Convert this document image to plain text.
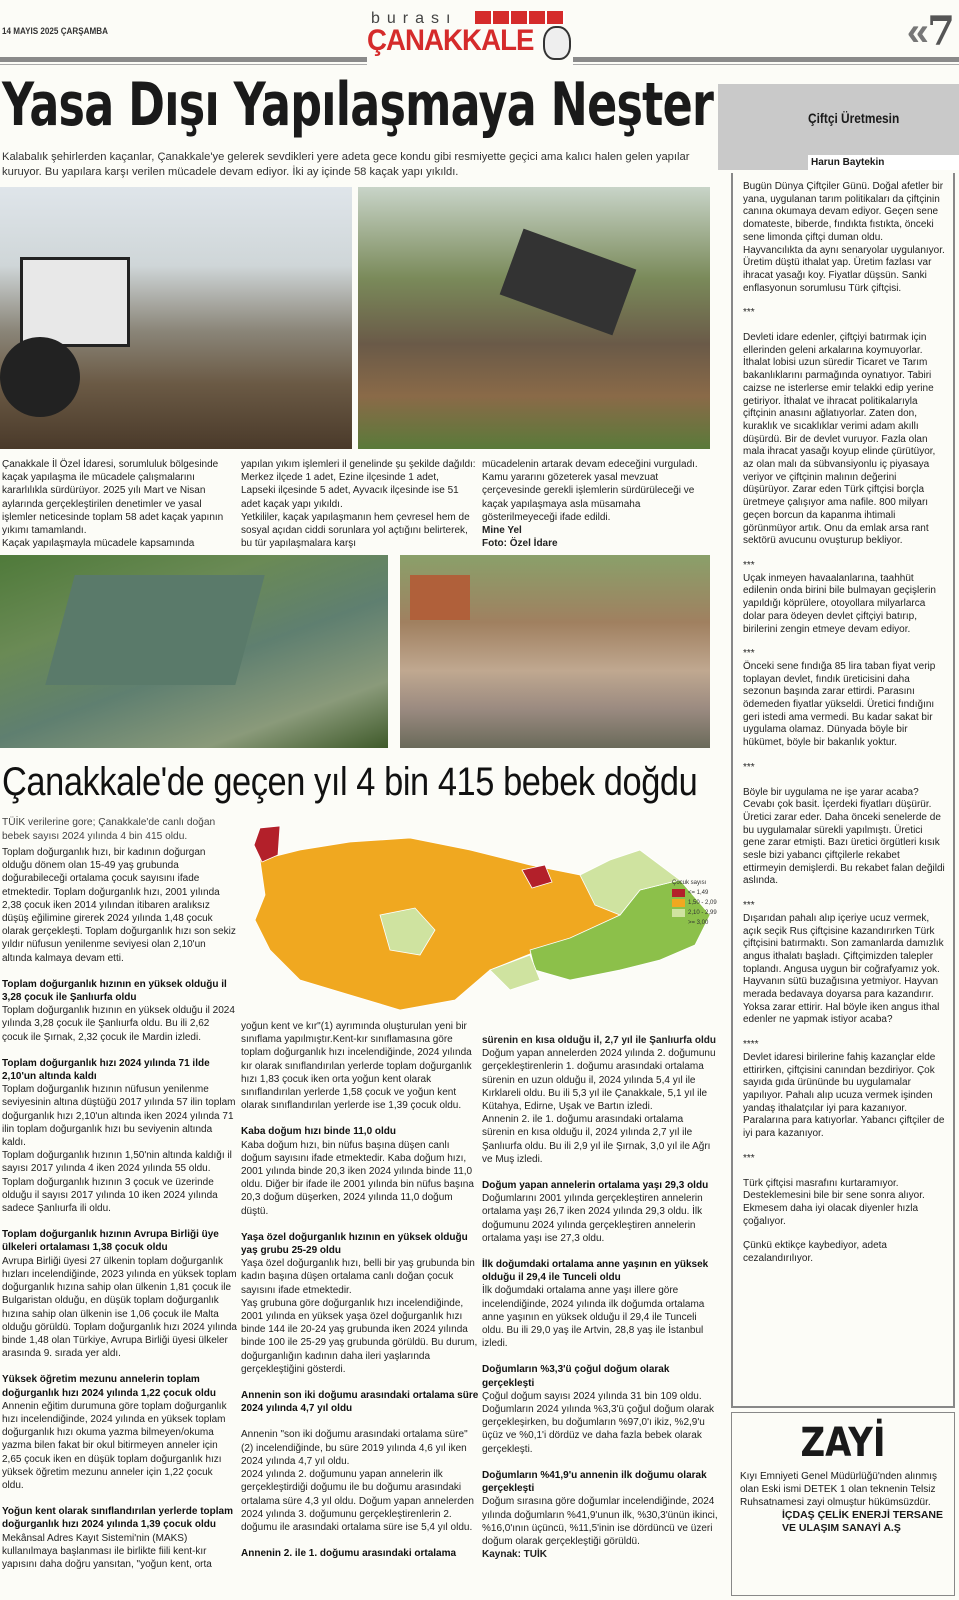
14 MAYIS 2025 ÇARŞAMBA
burası
ÇANAKKALE	«
7
Yasa Dışı Yapılaşmaya Neşter
Kalabalık şehirlerden kaçanlar, Çanakkale'ye gelerek sevdikleri yere adeta gece kondu gibi resmiyette geçici ama kalıcı halen gelen yapılar kuruyor. Bu yapılara karşı verilen mücadele devam ediyor. İki ay içinde 58 kaçak yapı yıkıldı.
Çanakkale İl Özel İdaresi, sorumluluk bölgesinde kaçak yapılaşma ile mücadele çalışmalarını kararlılıkla sürdürüyor. 2025 yılı Mart ve Nisan aylarında gerçekleştirilen denetimler ve yasal işlemler neticesinde toplam 58 adet kaçak yapının yıkımı tamamlandı.
Kaçak yapılaşmayla mücadele kapsamında
yapılan yıkım işlemleri il genelinde şu şekilde dağıldı: Merkez ilçede 1 adet, Ezine ilçesinde 1 adet, Lapseki ilçesinde 5 adet, Ayvacık ilçesinde ise 51 adet kaçak yapı yıkıldı.
Yetkililer, kaçak yapılaşmanın hem çevresel hem de sosyal açıdan ciddi sorunlara yol açtığını belirterek, bu tür yapılaşmalara karşı
mücadelenin artarak devam edeceğini vurguladı. Kamu yararını gözeterek yasal mevzuat çerçevesinde gerekli işlemlerin sürdürüleceği ve kaçak yapılaşmaya asla müsamaha gösterilmeyeceği ifade edildi.
Mine Yel
Foto: Özel İdare
Çanakkale'de geçen yıl 4 bin 415 bebek doğdu
TÜİK verilerine gore; Çanakkale'de canlı doğan bebek sayısı 2024 yılında 4 bin 415 oldu.
Çocuk sayısı
<= 1,49
1,50 - 2,09
2,10 - 2,99
>= 3,00
Toplam doğurganlık hızı, bir kadının doğurgan olduğu dönem olan 15-49 yaş grubunda doğurabileceği ortalama çocuk sayısını ifade etmektedir. Toplam doğurganlık hızı, 2001 yılında 2,38 çocuk iken 2014 yılından itibaren aralıksız düşüş eğilimine girerek 2024 yılında 1,48 çocuk olarak gerçekleşti. Toplam doğurganlık hızı son sekiz yıldır nüfusun yenilenme seviyesi olan 2,10'un altında kalmaya devam etti.
Toplam doğurganlık hızının en yüksek olduğu il 3,28 çocuk ile Şanlıurfa oldu
Toplam doğurganlık hızının en yüksek olduğu il 2024 yılında 3,28 çocuk ile Şanlıurfa oldu. Bu ili 2,62 çocuk ile Şırnak, 2,32 çocuk ile Mardin izledi.
Toplam doğurganlık hızı 2024 yılında 71 ilde 2,10'un altında kaldı
Toplam doğurganlık hızının nüfusun yenilenme seviyesinin altına düştüğü 2017 yılında 57 ilin toplam doğurganlık hızı 2,10'un altında iken 2024 yılında 71 ilin toplam doğurganlık hızı bu seviyenin altında kaldı.
Toplam doğurganlık hızının 1,50'nin altında kaldığı il sayısı 2017 yılında 4 iken 2024 yılında 55 oldu.
Toplam doğurganlık hızının 3 çocuk ve üzerinde olduğu il sayısı 2017 yılında 10 iken 2024 yılında sadece Şanlıurfa ili oldu.
Toplam doğurganlık hızının Avrupa Birliği üye ülkeleri ortalaması 1,38 çocuk oldu
Avrupa Birliği üyesi 27 ülkenin toplam doğurganlık hızları incelendiğinde, 2023 yılında en yüksek toplam doğurganlık hızına sahip olan ülkenin 1,81 çocuk ile Bulgaristan olduğu, en düşük toplam doğurganlık hızına sahip olan ülkenin ise 1,06 çocuk ile Malta olduğu görüldü. Toplam doğurganlık hızı 2024 yılında binde 1,48 olan Türkiye, Avrupa Birliği üyesi ülkeler arasında 9. sırada yer aldı.
Yüksek öğretim mezunu annelerin toplam doğurganlık hızı 2024 yılında 1,22 çocuk oldu
Annenin eğitim durumuna göre toplam doğurganlık hızı incelendiğinde, 2024 yılında en yüksek toplam doğurganlık hızı okuma yazma bilmeyen/okuma yazma bilen fakat bir okul bitirmeyen anneler için 2,65 çocuk iken en düşük toplam doğurganlık hızı yüksek öğretim mezunu anneler için 1,22 çocuk oldu.
Yoğun kent olarak sınıflandırılan yerlerde toplam doğurganlık hızı 2024 yılında 1,39 çocuk oldu
Mekânsal Adres Kayıt Sistemi'nin (MAKS) kullanılmaya başlanması ile birlikte fiili kent-kır yapısını daha doğru yansıtan, "yoğun kent, orta
yoğun kent ve kır"(1) ayrımında oluşturulan yeni bir sınıflama yapılmıştır.Kent-kır sınıflamasına göre toplam doğurganlık hızı incelendiğinde, 2024 yılında kır olarak sınıflandırılan yerlerde toplam doğurganlık hızı 1,83 çocuk iken orta yoğun kent olarak sınıflandırılan yerlerde 1,58 çocuk ve yoğun kent olarak sınıflandırılan yerlerde ise 1,39 çocuk oldu.
Kaba doğum hızı binde 11,0 oldu
Kaba doğum hızı, bin nüfus başına düşen canlı doğum sayısını ifade etmektedir. Kaba doğum hızı, 2001 yılında binde 20,3 iken 2024 yılında binde 11,0 oldu. Diğer bir ifade ile 2001 yılında bin nüfus başına 20,3 doğum düşerken, 2024 yılında 11,0 doğum düştü.
Yaşa özel doğurganlık hızının en yüksek olduğu yaş grubu 25-29 oldu
Yaşa özel doğurganlık hızı, belli bir yaş grubunda bin kadın başına düşen ortalama canlı doğan çocuk sayısını ifade etmektedir.
Yaş grubuna göre doğurganlık hızı incelendiğinde, 2001 yılında en yüksek yaşa özel doğurganlık hızı binde 144 ile 20-24 yaş grubunda iken 2024 yılında binde 100 ile 25-29 yaş grubunda görüldü. Bu durum, doğurganlığın kadının daha ileri yaşlarında gerçekleştiğini gösterdi.
Annenin son iki doğumu arasındaki ortalama süre 2024 yılında 4,7 yıl oldu
Annenin "son iki doğumu arasındaki ortalama süre"(2) incelendiğinde, bu süre 2019 yılında 4,6 yıl iken 2024 yılında 4,7 yıl oldu.
2024 yılında 2. doğumunu yapan annelerin ilk gerçekleştirdiği doğumu ile bu doğumu arasındaki ortalama süre 4,3 yıl oldu. Doğum yapan annelerden 2024 yılında 3. doğumunu gerçekleştirenlerin 2. doğumu ile arasındaki ortalama süre ise 5,4 yıl oldu.
Annenin 2. ile 1. doğumu arasındaki ortalama
sürenin en kısa olduğu il, 2,7 yıl ile Şanlıurfa oldu
Doğum yapan annelerden 2024 yılında 2. doğumunu gerçekleştirenlerin 1. doğumu arasındaki ortalama sürenin en uzun olduğu il, 2024 yılında 5,4 yıl ile Kırklareli oldu. Bu ili 5,3 yıl ile Çanakkale, 5,1 yıl ile Kütahya, Edirne, Uşak ve Bartın izledi.
Annenin 2. ile 1. doğumu arasındaki ortalama sürenin en kısa olduğu il, 2024 yılında 2,7 yıl ile Şanlıurfa oldu. Bu ili 2,9 yıl ile Şırnak, 3,0 yıl ile Ağrı ve Muş izledi.
Doğum yapan annelerin ortalama yaşı 29,3 oldu
Doğumlarını 2001 yılında gerçekleştiren annelerin ortalama yaşı 26,7 iken 2024 yılında 29,3 oldu. İlk doğumunu 2024 yılında gerçekleştiren annelerin ortalama yaşı ise 27,3 oldu.
İlk doğumdaki ortalama anne yaşının en yüksek olduğu il 29,4 ile Tunceli oldu
İlk doğumdaki ortalama anne yaşı illere göre incelendiğinde, 2024 yılında ilk doğumda ortalama anne yaşının en yüksek olduğu il 29,4 ile Tunceli oldu. Bu ili 29,0 yaş ile Artvin, 28,8 yaş ile İstanbul izledi.
Doğumların %3,3'ü çoğul doğum olarak gerçekleşti
Çoğul doğum sayısı 2024 yılında 31 bin 109 oldu. Doğumların 2024 yılında %3,3'ü çoğul doğum olarak gerçekleşirken, bu doğumların %97,0'ı ikiz, %2,9'u üçüz ve %0,1'i dördüz ve daha fazla bebek olarak gerçekleşti.
Doğumların %41,9'u annenin ilk doğumu olarak gerçekleşti
Doğum sırasına göre doğumlar incelendiğinde, 2024 yılında doğumların %41,9'unun ilk, %30,3'ünün ikinci, %16,0'ının üçüncü, %11,5'inin ise dördüncü ve üzeri doğum olarak gerçekleştiği görüldü.
Kaynak: TUİK
Çiftçi Üretmesin
Harun Baytekin
Bugün Dünya Çiftçiler Günü. Doğal afetler bir yana, uygulanan tarım politikaları da çiftçinin canına okumaya devam ediyor. Geçen sene domateste, biberde, fındıkta fıstıkta, önceki sene limonda çiftçi duman oldu. Hayvancılıkta da aynı senaryolar uygulanıyor. Üretim düştü ithalat yap. Üretim fazlası var ihracat yasağı koy. Fiyatlar düşsün. Sanki enflasyonun sorumlusu Türk çiftçisi.
***
Devleti idare edenler, çiftçiyi batırmak için ellerinden geleni arkalarına koymuyorlar. İthalat lobisi uzun süredir Ticaret ve Tarım bakanlıklarını parmağında oynatıyor. Tabiri caizse ne isterlerse emir telakki edip yerine getiriyor. İthalat ve ihracat politikalarıyla çiftçinin anasını ağlatıyorlar. Zaten don, kuraklık ve sıcaklıklar verimi adam akıllı düşürdü. Bir de devlet vuruyor. Fazla olan mala ihracat yasağı koyup elinde çürütüyor, az olan malı da sübvansiyonlu iç piyasaya veriyor ve çiftçinin malının değerini düşürüyor. Zarar eden Türk çiftçisi borçla üretmeye çalışıyor ama nafile. 800 milyarı geçen borcun da kapanma ihtimali görünmüyor artık. Onu da emlak arsa rant sektörü avucunu ovuşturup bekliyor.
***
Uçak inmeyen havaalanlarına, taahhüt edilenin onda birini bile bulmayan geçişlerin yapıldığı köprülere, otoyollara milyarlarca dolar para ödeyen devlet çiftçiyi batırıp, birilerini zengin etmeye devam ediyor.
***
Önceki sene fındığa 85 lira taban fiyat verip toplayan devlet, fındık üreticisini daha sezonun başında zarar ettirdi. Parasını ödemeden fiyatlar yükseldi. Üretici fındığını geri istedi ama vermedi. Bu kadar sakat bir uygulama olamaz. Dünyada böyle bir hükümet, böyle bir bakanlık yoktur.
***
Böyle bir uygulama ne işe yarar acaba? Cevabı çok basit. İçerdeki fiyatları düşürür. Üretici zarar eder. Daha önceki senelerde de bu uygulamalar sürekli yapılmıştı. Üretici gene zarar etmişti. Bazı üretici örgütleri kısık sesle bizi yabancı çiftçilerle rekabet ettirmeyin demişlerdi. Bu rekabet falan değildi aslında.
***
Dışarıdan pahalı alıp içeriye ucuz vermek, açık seçik Rus çiftçisine kazandırırken Türk çiftçisini batırmaktı. Son zamanlarda damızlık angus ithalatı başladı. Çiftçimizden talepler toplandı. Angusa uygun bir coğrafyamız yok. Hayvanın sütü buzağısına yetmiyor. Hayvan merada bedavaya doyarsa para kazandırır. Yoksa zarar ettirir. Hal böyle iken angus ithal edenler ne yapmak istiyor acaba?
****
Devlet idaresi birilerine fahiş kazançlar elde ettirirken, çiftçisini canından bezdiriyor. Çok sayıda gıda ürününde bu uygulamalar yapılıyor. Pahalı alıp ucuza vermek işinden yandaş ithalatçılar iyi para kazanıyor. Paralarına para katıyorlar. Yabancı çiftçiler de iyi para kazanıyor.
***
Türk çiftçisi masrafını kurtaramıyor. Desteklemesini bile bir sene sonra alıyor. Ekmesem daha iyi olacak diyenler hızla çoğalıyor.
Çünkü ektikçe kaybediyor, adeta cezalandırılıyor.
ZAYİ
Kıyı Emniyeti Genel Müdürlüğü'nden alınmış olan Eski ismi DETEK 1 olan teknenin Telsiz Ruhsatnamesi zayi olmuştur hükümsüzdür.
İÇDAŞ ÇELİK ENERJİ TERSANE
VE ULAŞIM SANAYİ A.Ş
